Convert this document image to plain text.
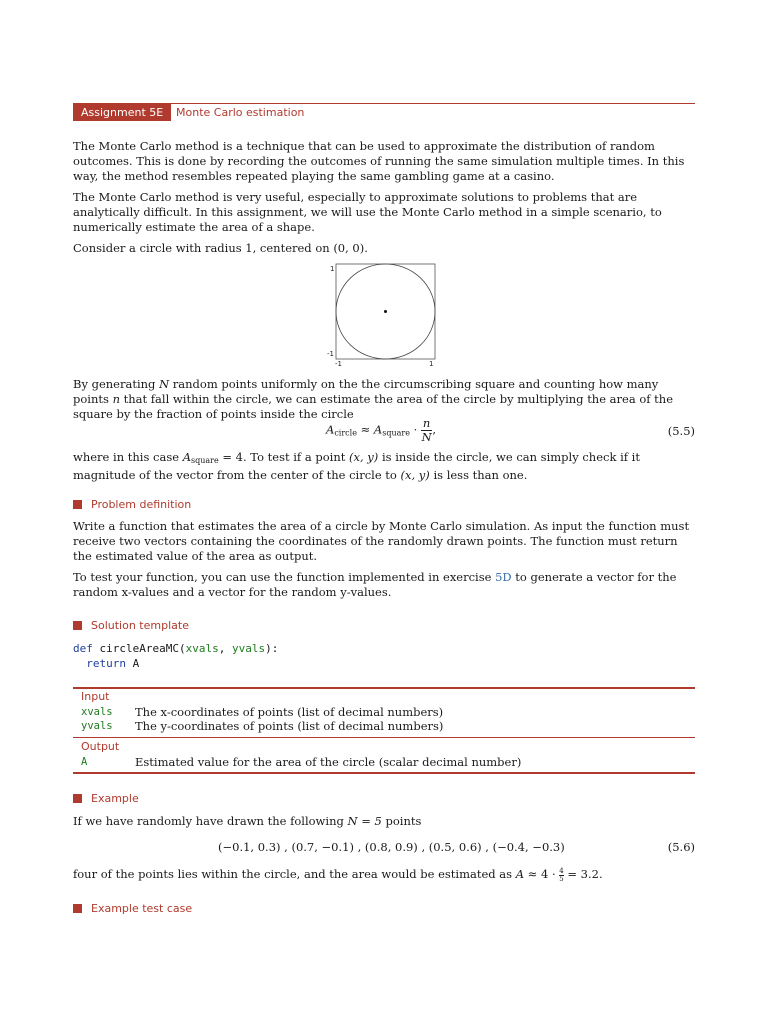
Assignment 5E	Monte Carlo estimation

The Monte Carlo method is a technique that can be used to approximate the distribution of random outcomes. This is done by recording the outcomes of running the same simulation multiple times. In this way, the method resembles repeated playing the same gambling game at a casino.

The Monte Carlo method is very useful, especially to approximate solutions to problems that are analytically difficult. In this assignment, we will use the Monte Carlo method in a simple scenario, to numerically estimate the area of a shape.

Consider a circle with radius 1, centered on (0, 0).

1
-1
-1	1

By generating N random points uniformly on the the circumscribing square and counting how many points n that fall within the circle, we can estimate the area of the circle by multiplying the area of the square by the fraction of points inside the circle

$A_{circle} \approx A_{square} \cdot \frac{n}{N}$ ,	(5.5)

where in this case $A_{square} = 4$. To test if a point (x, y) is inside the circle, we can simply check if it magnitude of the vector from the center of the circle to (x, y) is less than one.

Problem definition

Write a function that estimates the area of a circle by Monte Carlo simulation. As input the function must receive two vectors containing the coordinates of the randomly drawn points. The function must return the estimated value of the area as output.

To test your function, you can use the function implemented in exercise 5D to generate a vector for the random x-values and a vector for the random y-values.

Solution template
def circleAreaMC(xvals, yvals):
return A
Input
xvals The x-coordinates of points (list of decimal numbers)
yvals The y-coordinates of points (list of decimal numbers)
Output
A	Estimated value for the area of the circle (scalar decimal number)
Example

If we have randomly have drawn the following N = 5 points

(−0.1, 0.3) , (0.7, −0.1) , (0.8, 0.9) , (0.5, 0.6) , (−0.4, −0.3)	(5.6)

four of the points lies within the circle, and the area would be estimated as $A \approx 4 \cdot \frac{4}{5} = 3.2$.

Example test case
